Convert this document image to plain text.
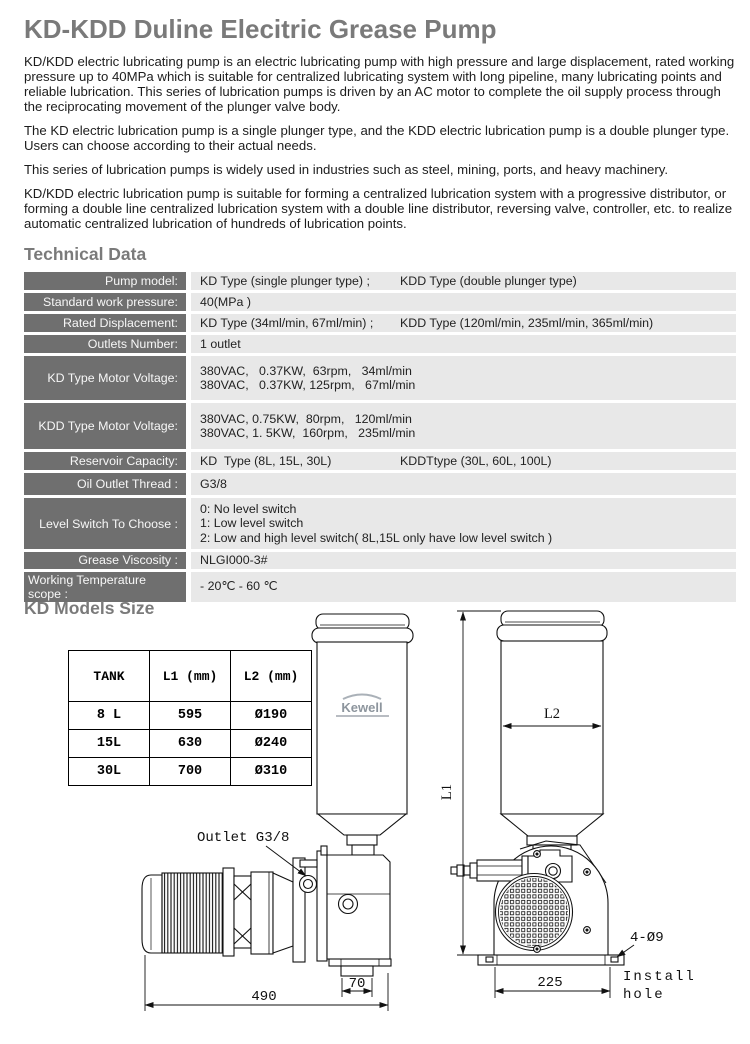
KD-KDD Duline Elecitric Grease Pump

KD/KDD electric lubricating pump is an electric lubricating pump with high pressure and large displacement, rated working pressure up to 40MPa which is suitable for centralized lubricating system with long pipeline, many lubricating points and reliable lubrication. This series of lubrication pumps is driven by an AC motor to complete the oil supply process through the reciprocating movement of the plunger valve body.

The KD electric lubrication pump is a single plunger type, and the KDD electric lubrication pump is a double plunger type. Users can choose according to their actual needs.

This series of lubrication pumps is widely used in industries such as steel, mining, ports, and heavy machinery.

KD/KDD electric lubrication pump is suitable for forming a centralized lubrication system with a progressive distributor, or forming a double line centralized lubrication system with a double line distributor, reversing valve, controller, etc. to realize automatic centralized lubrication of hundreds of lubrication points.

Technical Data
Pump model:	KD Type (single plunger type) ; KDD Type (double plunger type)
Standard work pressure:	40(MPa )
Rated Displacement:	KD Type (34ml/min, 67ml/min) ; KDD Type (120ml/min, 235ml/min, 365ml/min)
Outlets Number:	1 outlet
KD Type Motor Voltage:
380VAC,   0.37KW,  63rpm,   34ml/min
380VAC,   0.37KW, 125rpm,   67ml/min
KDD Type Motor Voltage:
380VAC, 0.75KW,  80rpm,   120ml/min
380VAC, 1. 5KW,  160rpm,   235ml/min
Reservoir Capacity:	KD  Type (8L, 15L, 30L)	KDDTtype (30L, 60L, 100L)
Oil Outlet Thread :	G3/8
Level Switch To Choose :
0: No level switch
1: Low level switch
2: Low and high level switch( 8L,15L only have low level switch )
Grease Viscosity :	NLGI000-3#
Working Temperature scope :
- 20℃ - 60 ℃
KD Models Size
Kewell
Outlet G3/8
70
490
L2
L1
225
4-Ø9
Install
hole
TANK	L1 (mm)	L2 (mm)
8 L	595	Ø190
15L	630	Ø240
30L	700	Ø310
